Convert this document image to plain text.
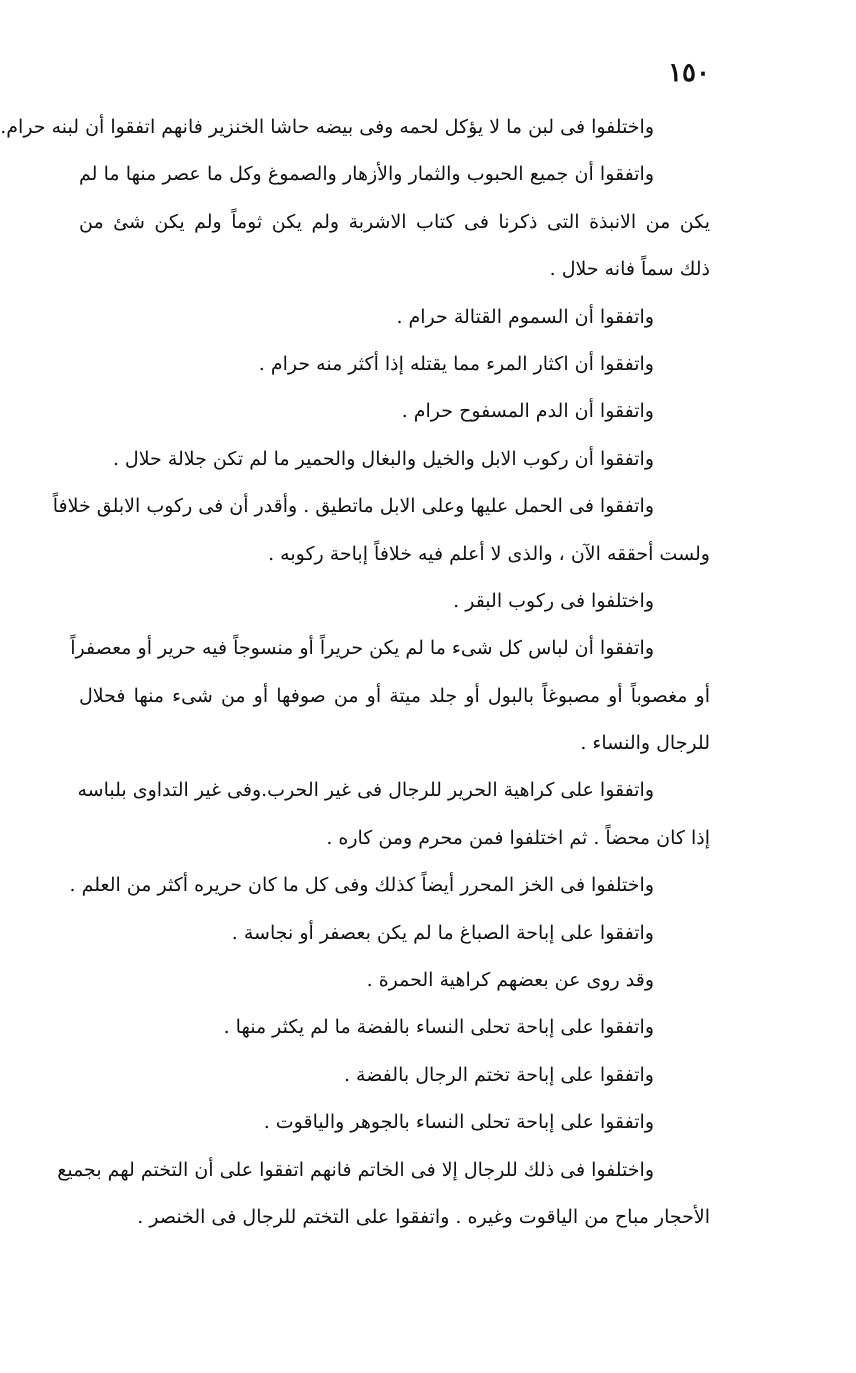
١٥٠
واختلفوا فى لبن ما لا يؤكل لحمه وفى بيضه حاشا الخنزير فانهم اتفقوا أن لبنه حرام.
واتفقوا أن جميع الحبوب والثمار والأزهار والصموغ وكل ما عصر منها ما لم
يكن من الانبذة التى ذكرنا فى كتاب الاشربة ولم يكن ثوماً ولم يكن شئ من
ذلك سماً فانه حلال .
واتفقوا أن السموم القتالة حرام .
واتفقوا أن اكثار المرء مما يقتله إذا أكثر منه حرام .
واتفقوا أن الدم المسفوح حرام .
واتفقوا أن ركوب الابل والخيل والبغال والحمير ما لم تكن جلالة حلال .
واتفقوا فى الحمل عليها وعلى الابل ماتطيق . وأقدر أن فى ركوب الابلق خلافاً
ولست أحققه الآن ، والذى لا أعلم فيه خلافاً إباحة ركوبه .
واختلفوا فى ركوب البقر .
واتفقوا أن لباس كل شىء ما لم يكن حريراً أو منسوجاً فيه حرير أو معصفراً
أو مغصوباً أو مصبوغاً بالبول أو جلد ميتة أو من صوفها أو من شىء منها فحلال
للرجال والنساء .
واتفقوا على كراهية الحرير للرجال فى غير الحرب.وفى غير التداوى بلباسه
إذا كان محضاً . ثم اختلفوا فمن محرم ومن كاره .
واختلفوا فى الخز المحرر أيضاً كذلك وفى كل ما كان حريره أكثر من العلم .
واتفقوا على إباحة الصباغ ما لم يكن بعصفر أو نجاسة .
وقد روى عن بعضهم كراهية الحمرة .
واتفقوا على إباحة تحلى النساء بالفضة ما لم يكثر منها .
واتفقوا على إباحة تختم الرجال بالفضة .
واتفقوا على إباحة تحلى النساء بالجوهر والياقوت .
واختلفوا فى ذلك للرجال إلا فى الخاتم فانهم اتفقوا على أن التختم لهم بجميع
الأحجار مباح من الياقوت وغيره . واتفقوا على التختم للرجال فى الخنصر .
